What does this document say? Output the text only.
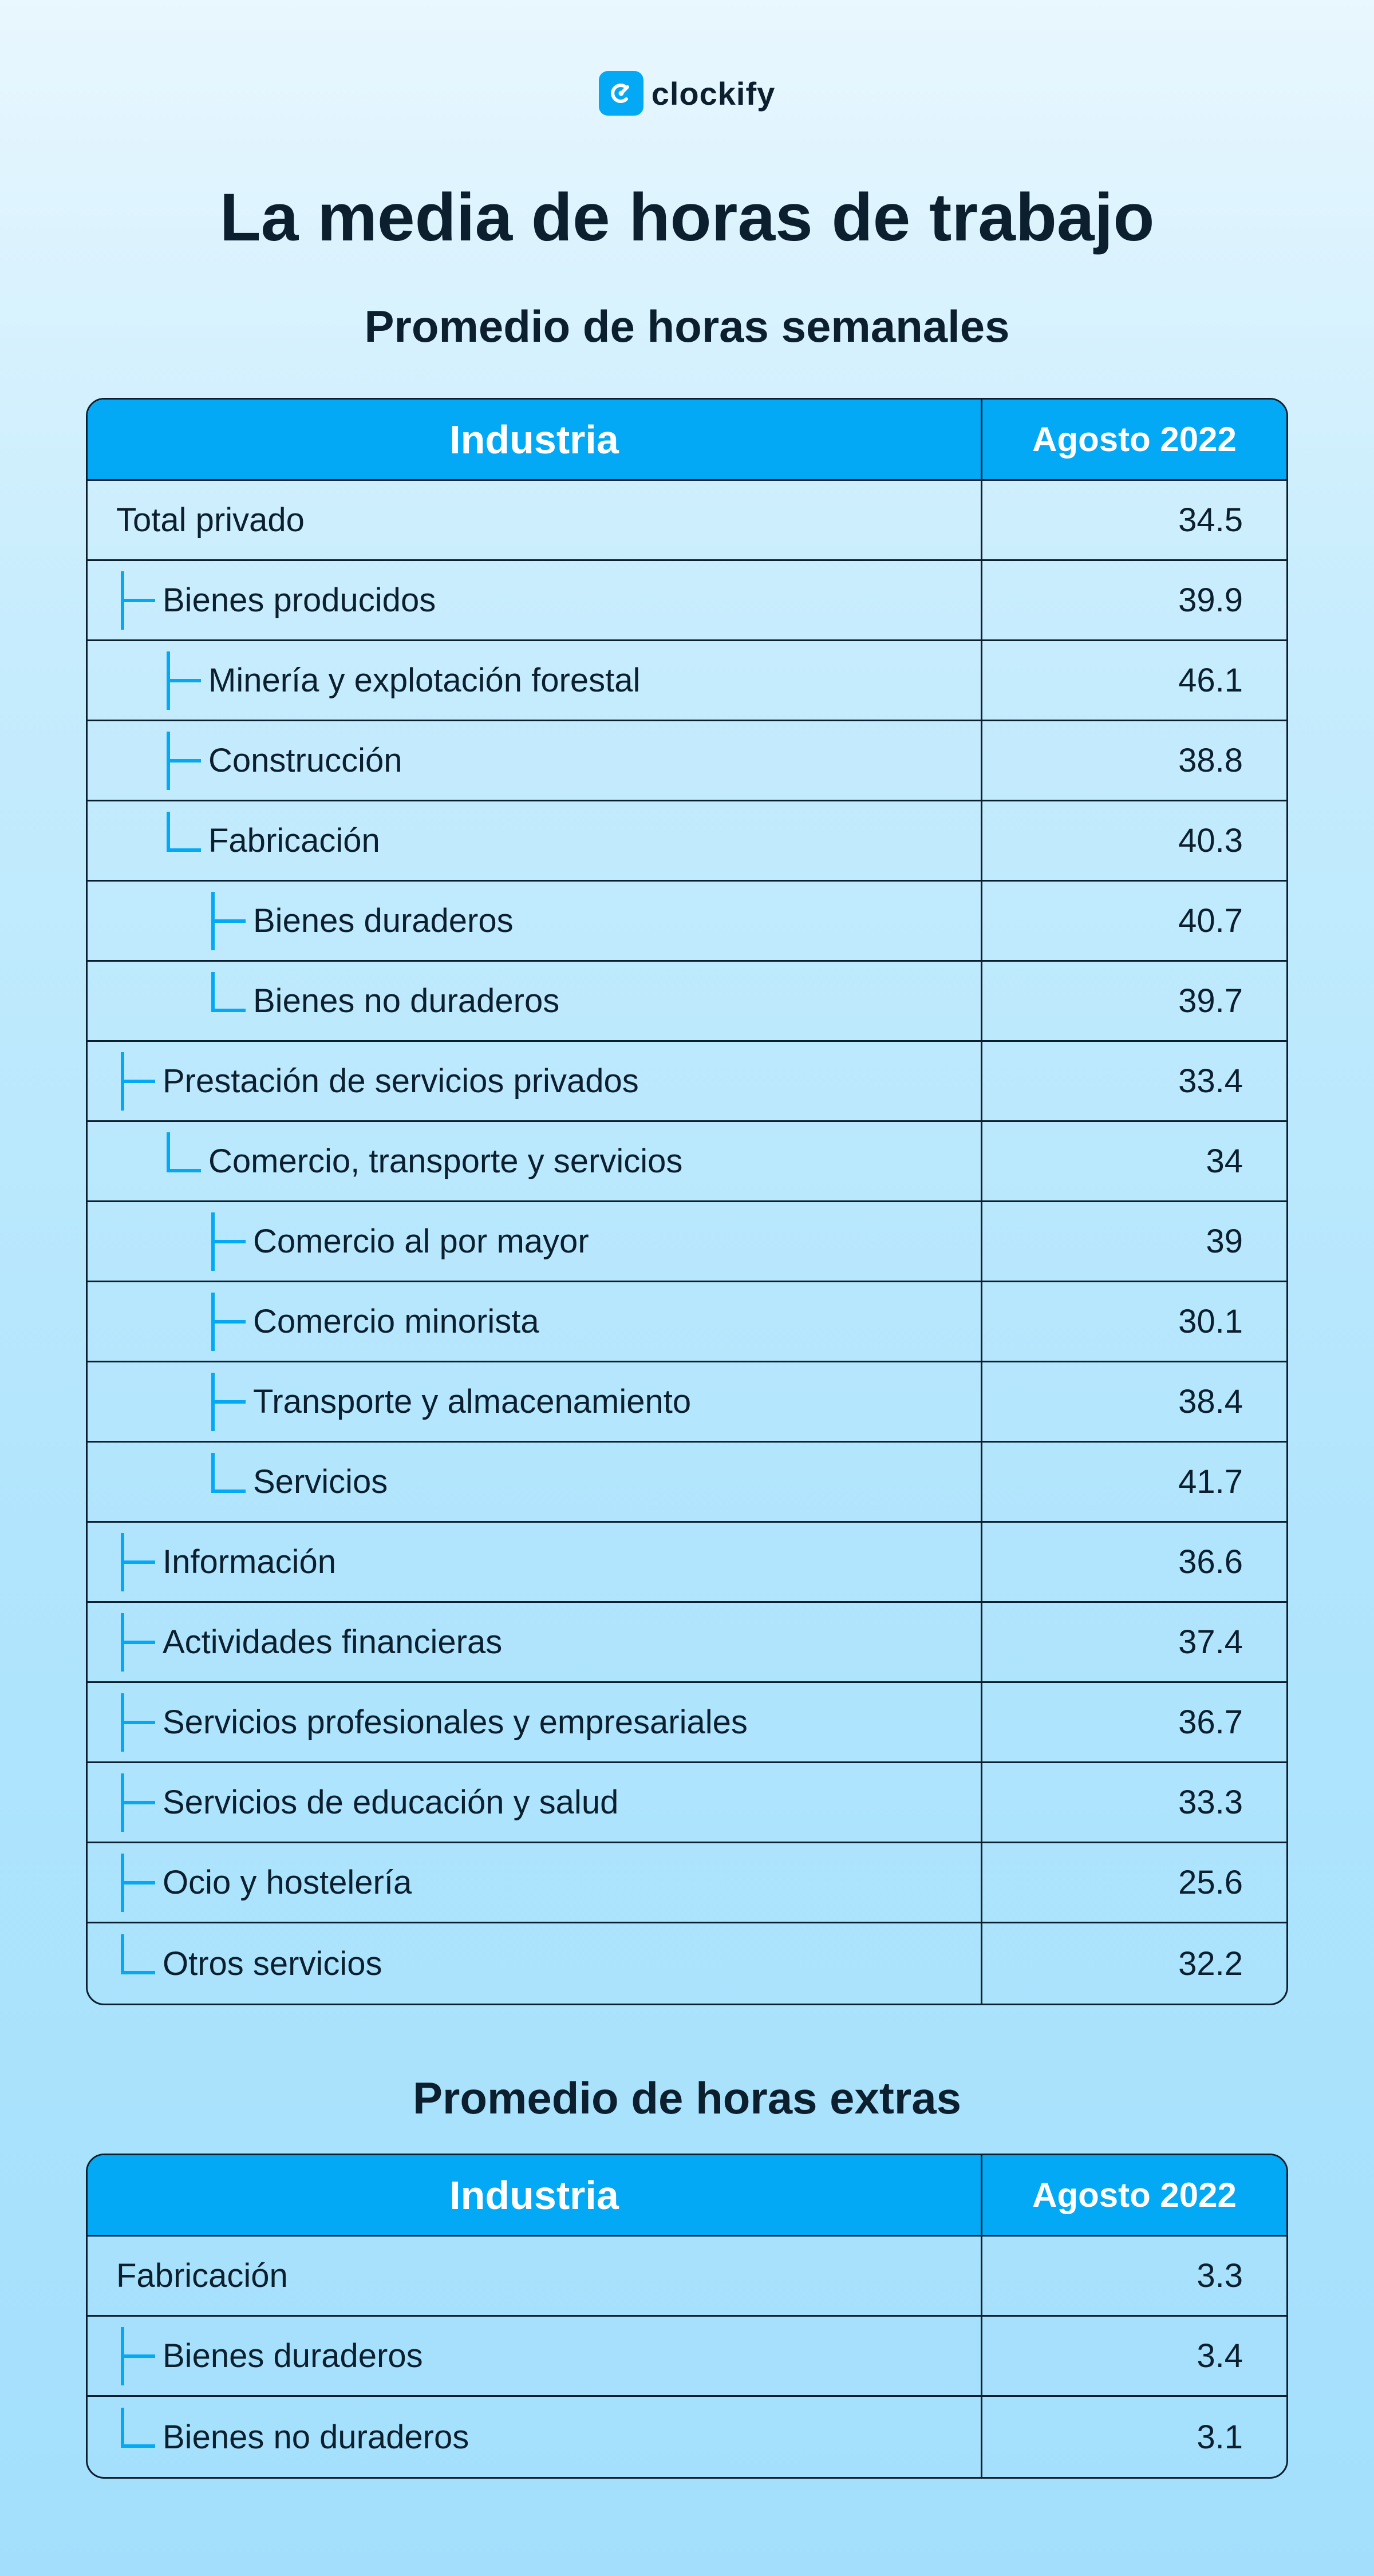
clockify
La media de horas de trabajo
Promedio de horas semanales
Industria	Agosto 2022
Total privado	34.5
Bienes producidos	39.9
Minería y explotación forestal	46.1
Construcción	38.8
Fabricación	40.3
Bienes duraderos	40.7
Bienes no duraderos	39.7
Prestación de servicios privados	33.4
Comercio, transporte y servicios	34
Comercio al por mayor	39
Comercio minorista	30.1
Transporte y almacenamiento	38.4
Servicios	41.7
Información	36.6
Actividades financieras	37.4
Servicios profesionales y empresariales	36.7
Servicios de educación y salud	33.3
Ocio y hostelería	25.6
Otros servicios	32.2
Promedio de horas extras
Industria	Agosto 2022
Fabricación	3.3
Bienes duraderos	3.4
Bienes no duraderos	3.1
